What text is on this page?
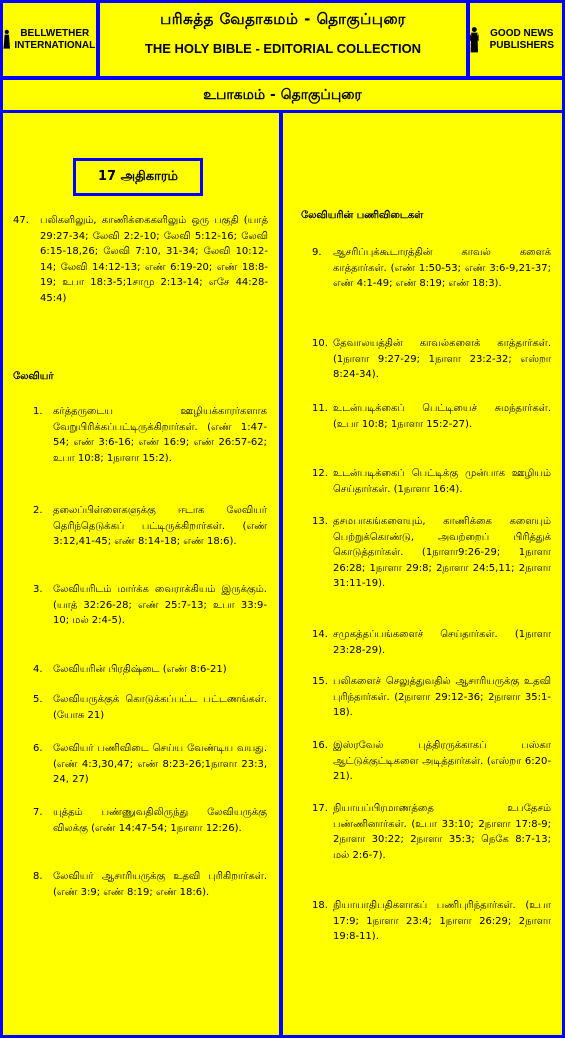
BELLWETHER INTERNATIONAL
பரிசுத்த வேதாகமம் - தொகுப்புரை
THE HOLY BIBLE - EDITORIAL COLLECTION
GOOD NEWS PUBLISHERS
உபாகமம் - தொகுப்புரை
17 அதிகாரம்
47. பலிகளிலும், காணிக்கைகளிலும் ஒரு பகுதி (யாத் 29:27-34; லேவி 2:2-10; லேவி 5:12-16; லேவி 6:15-18,26; லேவி 7:10, 31-34; லேவி 10:12-14; லேவி 14:12-13; எண் 6:19-20; எண் 18:8-19; உபா 18:3-5;1சாமு 2:13-14; எசே 44:28-45:4)
லேவியர்
1. கர்த்தருடைய ஊழியக்காரர்களாக வேறுபிரிக்கப்பட்டிருக்கிறார்கள். (எண் 1:47-54; எண் 3:6-16; எண் 16:9; எண் 26:57-62; உபா 10:8; 1நாளா 15:2).
2. தலைப்பிள்ளைகளுக்கு ஈடாக லேவியர் தெரிந்தெடுக்கப் பட்டிருக்கிறார்கள். (எண் 3:12,41-45; எண் 8:14-18; எண் 18:6).
3. லேவியரிடம் மார்க்க வைராக்கியம் இருக்கும். (யாத் 32:26-28; எண் 25:7-13; உபா 33:9-10; மல் 2:4-5).
4. லேவியரின் பிரதிஷ்டை (எண் 8:6-21)
5. லேவியருக்குக் கொடுக்கப்பட்ட பட்டணங்கள். (யோசு 21)
6. லேவியர் பணிவிடை செய்ய வேண்டிய வயது. (எண் 4:3,30,47; எண் 8:23-26;1நாளா 23:3, 24, 27)
7. யுத்தம் பண்ணுவதிலிருந்து லேவியருக்கு விலக்கு (எண் 14:47-54; 1நாளா 12:26).
8. லேவியர் ஆசாரியருக்கு உதவி புரிகிறார்கள். (எண் 3:9; எண் 8:19; எண் 18:6).
லேவியரின் பணிவிடைகள்
9. ஆசரிப்புக்கூடாரத்தின் காவல் களைக் காத்தார்கள். (எண் 1:50-53; எண் 3:6-9,21-37; எண் 4:1-49; எண் 8:19; எண் 18:3).
10. தேவாலயத்தின் காவல்களைக் காத்தார்கள். (1நாளா 9:27-29; 1நாளா 23:2-32; எஸ்றா 8:24-34).
11. உடன்படிக்கைப் பெட்டியைச் சுமந்தார்கள். (உபா 10:8; 1நாளா 15:2-27).
12. உடன்படிக்கைப் பெட்டிக்கு முன்பாக ஊழியம் செய்தார்கள். (1நாளா 16:4).
13. தசமபாகங்களையும், காணிக்கை களையும் பெற்றுக்கொண்டு, அவற்றைப் பிரித்துக் கொடுத்தார்கள். (1நாளா9:26-29; 1நாளா 26:28; 1நாளா 29:8; 2நாளா 24:5,11; 2நாளா 31:11-19).
14. சமுகத்தப்பங்களைச் செய்தார்கள். (1நாளா 23:28-29).
15. பலிகளைச் செலுத்துவதில் ஆசாரியருக்கு உதவி புரிந்தார்கள். (2நாளா 29:12-36; 2நாளா 35:1-18).
16. இஸ்ரவேல் புத்திரருக்காகப் பஸ்கா ஆட்டுக்குட்டிகளை அடித்தார்கள். (எஸ்றா 6:20-21).
17. நியாயப்பிரமாணத்தை உபதேசம் பண்ணினார்கள். (உபா 33:10; 2நாளா 17:8-9; 2நாளா 30:22; 2நாளா 35:3; நெகே 8:7-13; மல் 2:6-7).
18. நியாயாதிபதிகளாகப் பணிபுரிந்தார்கள். (உபா 17:9; 1நாளா 23:4; 1நாளா 26:29; 2நாளா 19:8-11).
